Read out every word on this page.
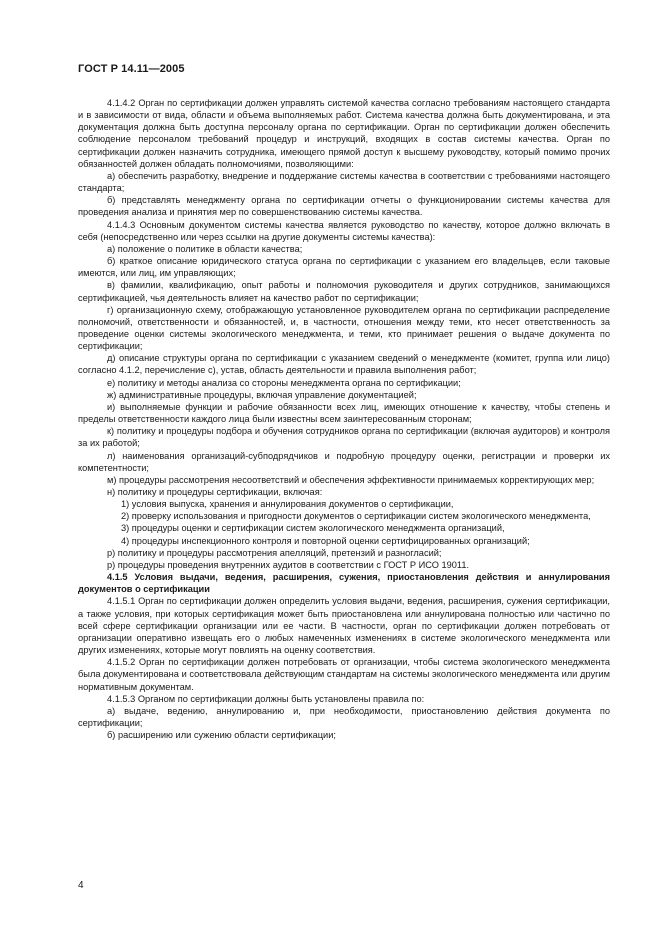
ГОСТ Р 14.11—2005

4.1.4.2 Орган по сертификации должен управлять системой качества согласно требованиям настоящего стандарта и в зависимости от вида, области и объема выполняемых работ. Система качества должна быть документирована, и эта документация должна быть доступна персоналу органа по сертификации. Орган по сертификации должен обеспечить соблюдение персоналом требований процедур и инструкций, входящих в состав системы качества. Орган по сертификации должен назначить сотрудника, имеющего прямой доступ к высшему руководству, который помимо прочих обязанностей должен обладать полномочиями, позволяющими:

а) обеспечить разработку, внедрение и поддержание системы качества в соответствии с требованиями настоящего стандарта;

б) представлять менеджменту органа по сертификации отчеты о функционировании системы качества для проведения анализа и принятия мер по совершенствованию системы качества.

4.1.4.3 Основным документом системы качества является руководство по качеству, которое должно включать в себя (непосредственно или через ссылки на другие документы системы качества):

а) положение о политике в области качества;

б) краткое описание юридического статуса органа по сертификации с указанием его владельцев, если таковые имеются, или лиц, им управляющих;

в) фамилии, квалификацию, опыт работы и полномочия руководителя и других сотрудников, занимающихся сертификацией, чья деятельность влияет на качество работ по сертификации;

г) организационную схему, отображающую установленное руководителем органа по сертификации распределение полномочий, ответственности и обязанностей, и, в частности, отношения между теми, кто несет ответственность за проведение оценки системы экологического менеджмента, и теми, кто принимает решения о выдаче документа по сертификации;

д) описание структуры органа по сертификации с указанием сведений о менеджменте (комитет, группа или лицо) согласно 4.1.2, перечисление с), устав, область деятельности и правила выполнения работ;

е) политику и методы анализа со стороны менеджмента органа по сертификации;

ж) административные процедуры, включая управление документацией;

и) выполняемые функции и рабочие обязанности всех лиц, имеющих отношение к качеству, чтобы степень и пределы ответственности каждого лица были известны всем заинтересованным сторонам;

к) политику и процедуры подбора и обучения сотрудников органа по сертификации (включая аудиторов) и контроля за их работой;

л) наименования организаций-субподрядчиков и подробную процедуру оценки, регистрации и проверки их компетентности;

м) процедуры рассмотрения несоответствий и обеспечения эффективности принимаемых корректирующих мер;

н) политику и процедуры сертификации, включая:

1) условия выпуска, хранения и аннулирования документов о сертификации,

2) проверку использования и пригодности документов о сертификации систем экологического менеджмента,

3) процедуры оценки и сертификации систем экологического менеджмента организаций,

4) процедуры инспекционного контроля и повторной оценки сертифицированных организаций;

р) политику и процедуры рассмотрения апелляций, претензий и разногласий;

р) процедуры проведения внутренних аудитов в соответствии с ГОСТ Р ИСО 19011.

4.1.5 Условия выдачи, ведения, расширения, сужения, приостановления действия и аннулирования документов о сертификации

4.1.5.1 Орган по сертификации должен определить условия выдачи, ведения, расширения, сужения сертификации, а также условия, при которых сертификация может быть приостановлена или аннулирована полностью или частично по всей сфере сертификации организации или ее части. В частности, орган по сертификации должен потребовать от организации оперативно извещать его о любых намеченных изменениях в системе экологического менеджмента или других изменениях, которые могут повлиять на оценку соответствия.

4.1.5.2 Орган по сертификации должен потребовать от организации, чтобы система экологического менеджмента была документирована и соответствовала действующим стандартам на системы экологического менеджмента или другим нормативным документам.

4.1.5.3 Органом по сертификации должны быть установлены правила по:

а) выдаче, ведению, аннулированию и, при необходимости, приостановлению действия документа по сертификации;

б) расширению или сужению области сертификации;

4
